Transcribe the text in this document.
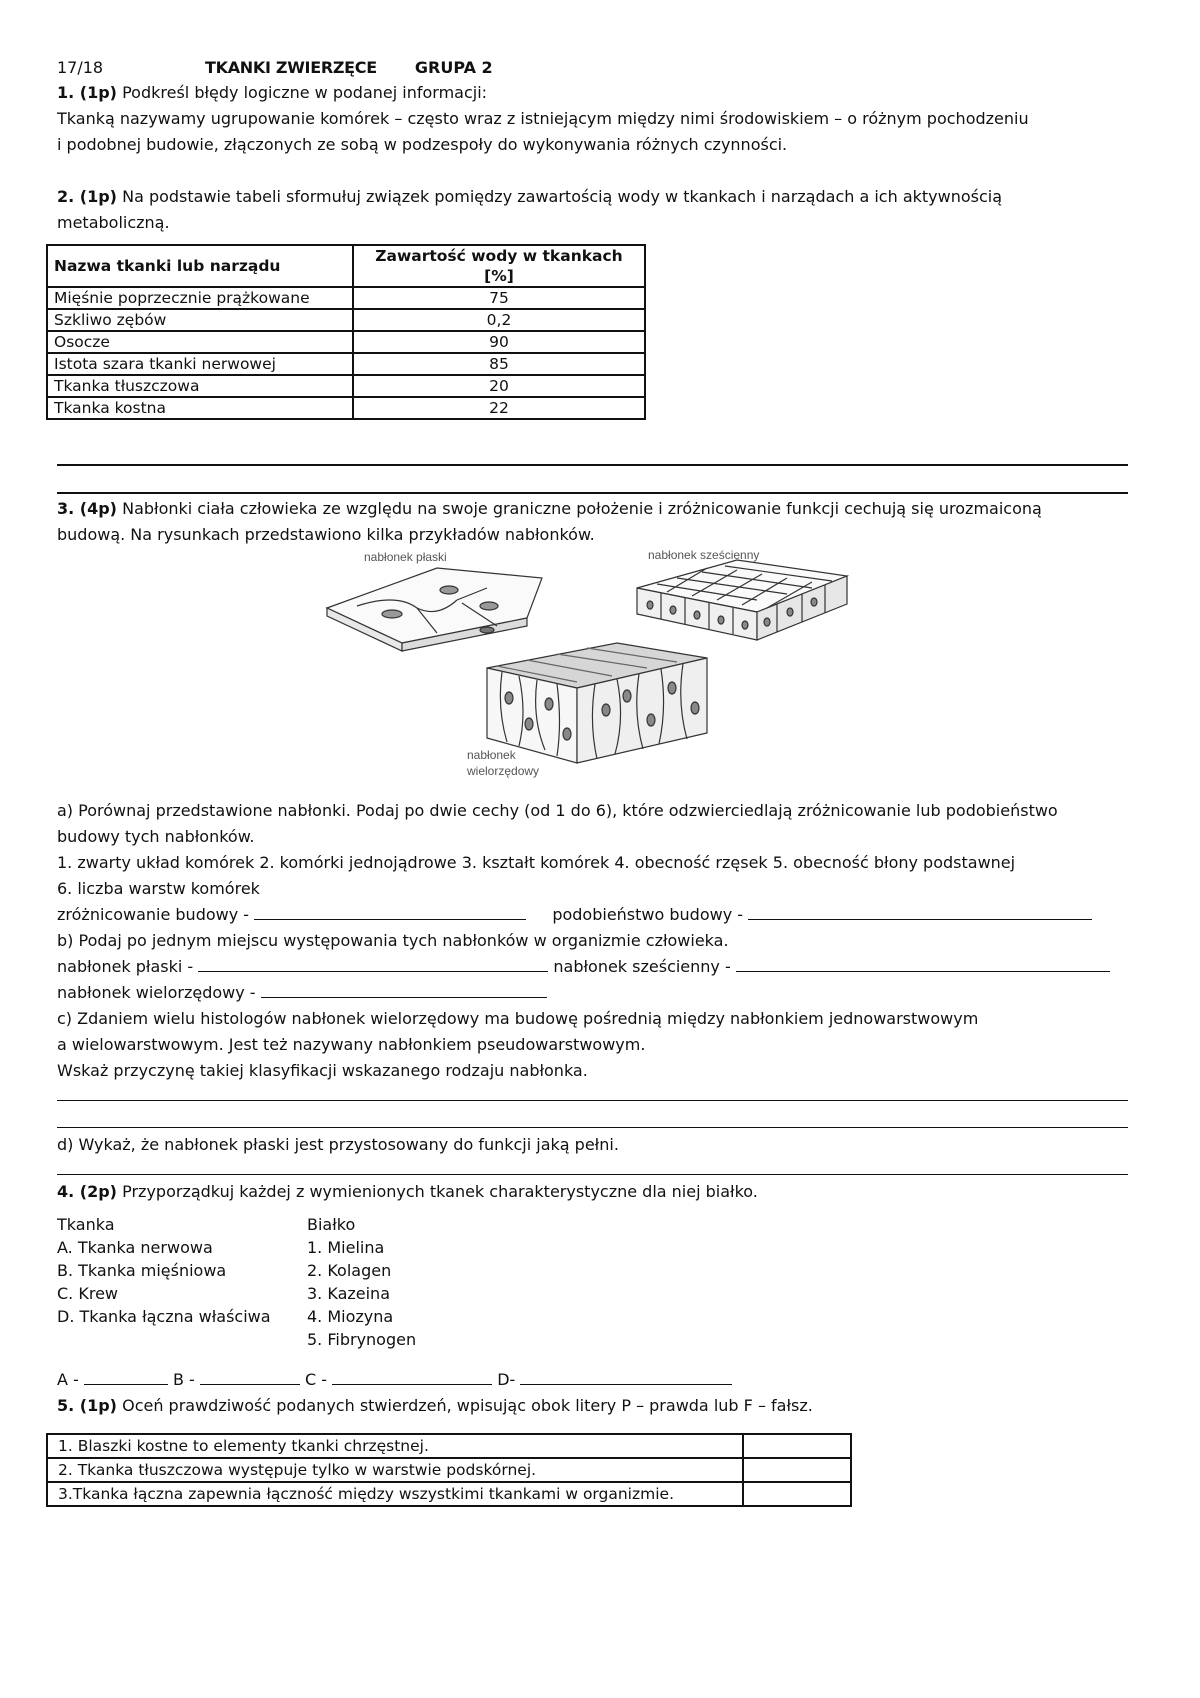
17/18	TKANKI ZWIERZĘCE GRUPA 2
1. (1p) Podkreśl błędy logiczne w podanej informacji:
Tkanką nazywamy ugrupowanie komórek – często wraz z istniejącym między nimi środowiskiem – o różnym pochodzeniu
i podobnej budowie, złączonych ze sobą w podzespoły do wykonywania różnych czynności.
2. (1p) Na podstawie tabeli sformułuj związek pomiędzy zawartością wody w tkankach i narządach a ich aktywnością
metaboliczną.
Nazwa tkanki lub narządu	Zawartość wody w tkankach [%]
Mięśnie poprzecznie prążkowane	75
Szkliwo zębów	0,2
Osocze	90
Istota szara tkanki nerwowej	85
Tkanka tłuszczowa	20
Tkanka kostna	22
3. (4p) Nabłonki ciała człowieka ze względu na swoje graniczne położenie i zróżnicowanie funkcji cechują się urozmaiconą
budową. Na rysunkach przedstawiono kilka przykładów nabłonków.
nabłonek płaski	nabłonek sześcienny
nabłonek
wielorzędowy
a) Porównaj przedstawione nabłonki. Podaj po dwie cechy (od 1 do 6), które odzwierciedlają zróżnicowanie lub podobieństwo
budowy tych nabłonków.
1. zwarty układ komórek 2. komórki jednojądrowe 3. kształt komórek 4. obecność rzęsek 5. obecność błony podstawnej
6. liczba warstw komórek
zróżnicowanie budowy -	podobieństwo budowy -
b) Podaj po jednym miejscu występowania tych nabłonków w organizmie człowieka.
nabłonek płaski -	nabłonek sześcienny -
nabłonek wielorzędowy -
c) Zdaniem wielu histologów nabłonek wielorzędowy ma budowę pośrednią między nabłonkiem jednowarstwowym
a wielowarstwowym. Jest też nazywany nabłonkiem pseudowarstwowym.
Wskaż przyczynę takiej klasyfikacji wskazanego rodzaju nabłonka.
d) Wykaż, że nabłonek płaski jest przystosowany do funkcji jaką pełni.
4. (2p) Przyporządkuj każdej z wymienionych tkanek charakterystyczne dla niej białko.
Tkanka
A. Tkanka nerwowa
B. Tkanka mięśniowa
C. Krew
D. Tkanka łączna właściwa
Białko
1. Mielina
2. Kolagen
3. Kazeina
4. Miozyna
5. Fibrynogen
A -	B -	C -	D-
5. (1p) Oceń prawdziwość podanych stwierdzeń, wpisując obok litery P – prawda lub F – fałsz.
1. Blaszki kostne to elementy tkanki chrzęstnej.	
2. Tkanka tłuszczowa występuje tylko w warstwie podskórnej.	
3.Tkanka łączna zapewnia łączność między wszystkimi tkankami w organizmie.	
